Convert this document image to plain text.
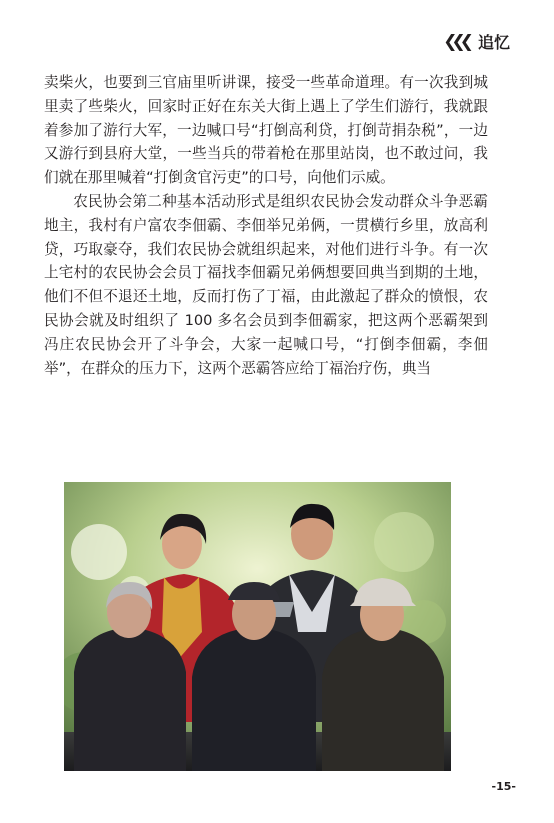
❮❮❮ 追忆

卖柴火，也要到三官庙里听讲课，接受一些革命道理。有一次我到城里卖了些柴火，回家时正好在东关大街上遇上了学生们游行，我就跟着参加了游行大军，一边喊口号“打倒高利贷，打倒苛捐杂税”，一边又游行到县府大堂，一些当兵的带着枪在那里站岗，也不敢过问，我们就在那里喊着“打倒贪官污吏”的口号，向他们示威。

农民协会第二种基本活动形式是组织农民协会发动群众斗争恶霸地主，我村有户富农李佃霸、李佃举兄弟俩，一贯横行乡里，放高利贷，巧取豪夺，我们农民协会就组织起来，对他们进行斗争。有一次上宅村的农民协会会员丁福找李佃霸兄弟俩想要回典当到期的土地，他们不但不退还土地，反而打伤了丁福，由此激起了群众的愤恨，农民协会就及时组织了 100 多名会员到李佃霸家，把这两个恶霸架到冯庄农民协会开了斗争会，大家一起喊口号，“打倒李佃霸，李佃举”，在群众的压力下，这两个恶霸答应给丁福治疗伤，典当

-15-
